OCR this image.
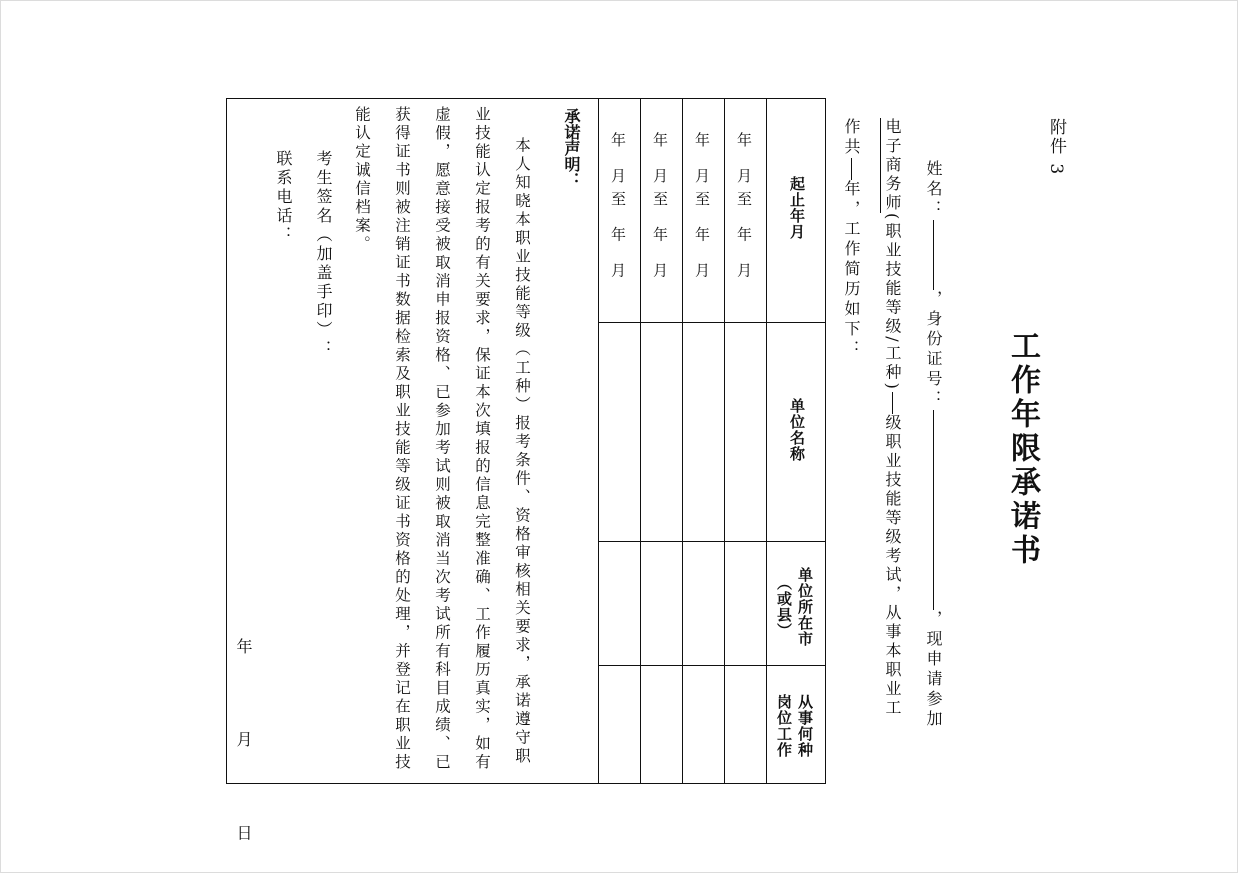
附件 3
工作年限承诺书
姓名：，身份证号：，现申请参加
电子商务师(职业技能等级/工种)级职业技能等级考试，从事本职业工
作共年，工作简历如下：
起止年月
单位名称
单位所在市（或县）
从事何种岗位工作
年 月至 年 月
年 月至 年 月
年 月至 年 月
年 月至 年 月
承诺声明：

本人知晓本职业技能等级（工种）报考条件、资格审核相关要求，承诺遵守职业技能认定报考的有关要求，保证本次填报的信息完整准确、工作履历真实，如有虚假，愿意接受被取消申报资格、已参加考试则被取消当次考试所有科目成绩、已获得证书则被注销证书数据检索及职业技能等级证书资格的处理，并登记在职业技能认定诚信档案。

考生签名（加盖手印）：
联系电话：
年 月 日
